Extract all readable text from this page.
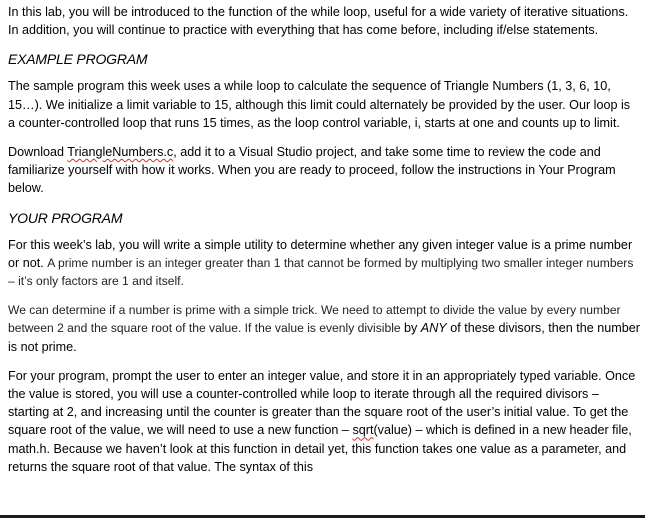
In this lab, you will be introduced to the function of the while loop, useful for a wide variety of iterative situations. In addition, you will continue to practice with everything that has come before, including if/else statements.

EXAMPLE PROGRAM

The sample program this week uses a while loop to calculate the sequence of Triangle Numbers (1, 3, 6, 10, 15…). We initialize a limit variable to 15, although this limit could alternately be provided by the user. Our loop is a counter-controlled loop that runs 15 times, as the loop control variable, i, starts at one and counts up to limit.

Download TriangleNumbers.c, add it to a Visual Studio project, and take some time to review the code and familiarize yourself with how it works. When you are ready to proceed, follow the instructions in Your Program below.

YOUR PROGRAM

For this week’s lab, you will write a simple utility to determine whether any given integer value is a prime number or not. A prime number is an integer greater than 1 that cannot be formed by multiplying two smaller integer numbers – it’s only factors are 1 and itself.

We can determine if a number is prime with a simple trick. We need to attempt to divide the value by every number between 2 and the square root of the value. If the value is evenly divisible by ANY of these divisors, then the number is not prime.

For your program, prompt the user to enter an integer value, and store it in an appropriately typed variable. Once the value is stored, you will use a counter-controlled while loop to iterate through all the required divisors – starting at 2, and increasing until the counter is greater than the square root of the user’s initial value. To get the square root of the value, we will need to use a new function – sqrt(value) – which is defined in a new header file, math.h. Because we haven’t look at this function in detail yet, this function takes one value as a parameter, and returns the square root of that value. The syntax of this
